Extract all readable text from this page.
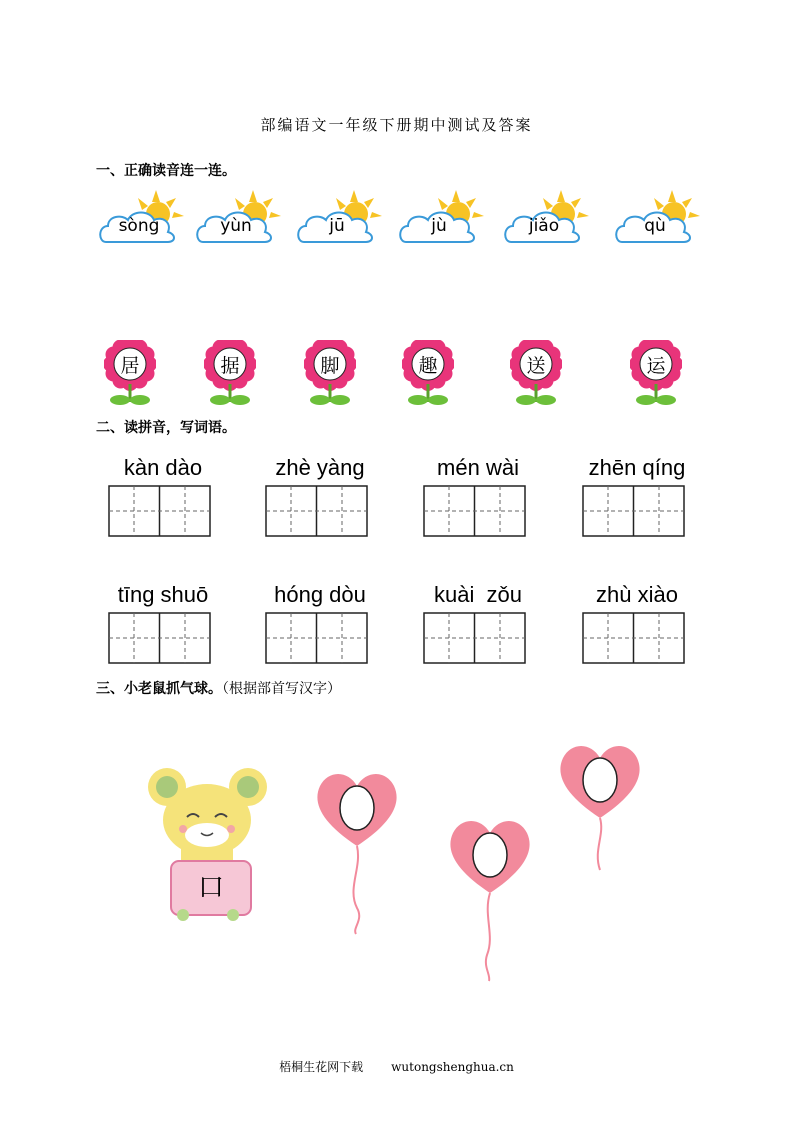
部编语文一年级下册期中测试及答案
一、正确读音连一连。
sòng	yùn	jū	jù	jiǎo	qù
居	据	脚	趣	送	运
二、读拼音，写词语。
kàn dào	zhè yàng	mén wài	zhēn qíng
tīng shuō	hóng dòu	kuài  zǒu	zhù xiào
三、小老鼠抓气球。（根据部首写汉字）
口
梧桐生花网下载 wutongshenghua.cn
